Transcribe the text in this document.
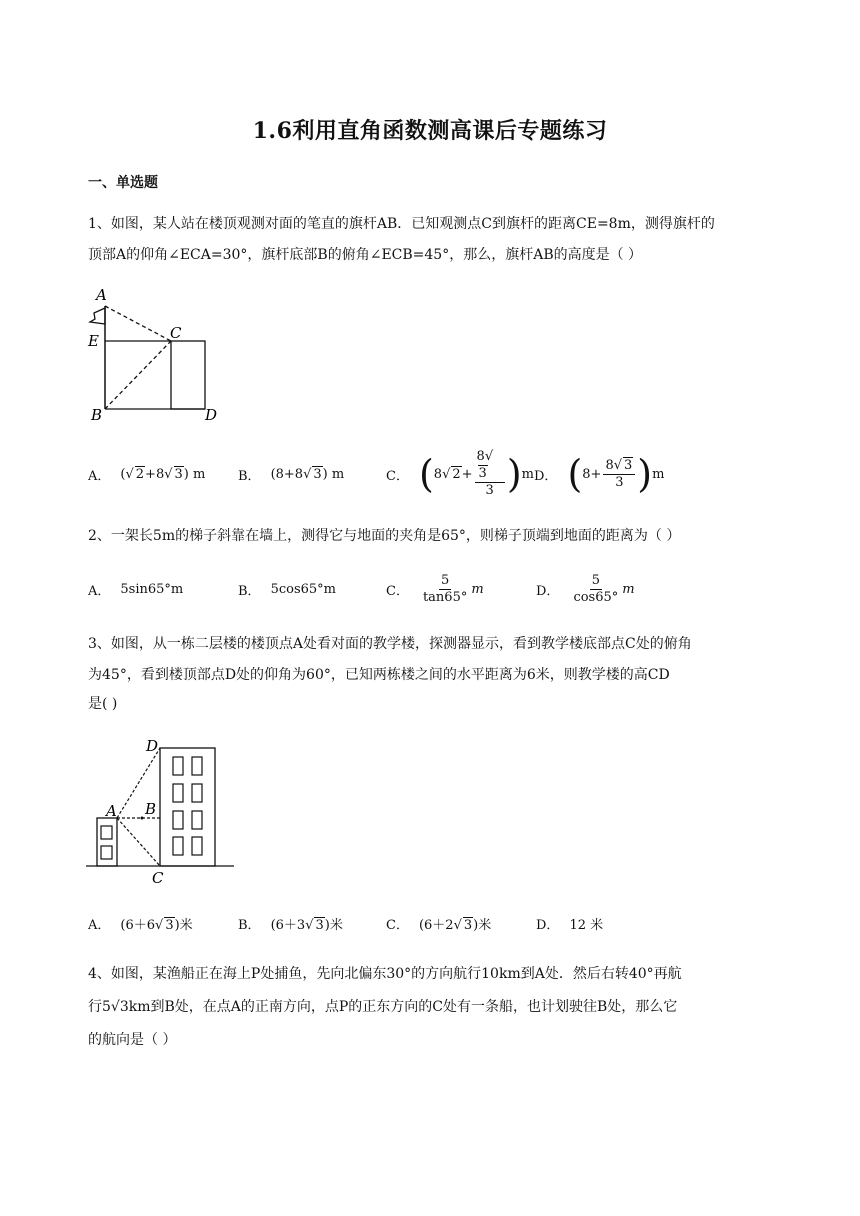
1.6利用直角函数测高课后专题练习
一、单选题
1、如图，某人站在楼顶观测对面的笔直的旗杆AB．已知观测点C到旗杆的距离CE=8m，测得旗杆的
顶部A的仰角∠ECA=30°，旗杆底部B的俯角∠ECB=45°，那么，旗杆AB的高度是（ ）
A
C
E
B	D
A． (√ 2+8√ 3) m	B． (8+8√ 3) m	C． ( 8 √ $2 + \frac{8√3}{3}$ ) m D． ( $8+ \frac{8√ 3}{3}$ ) m
2、一架长5m的梯子斜靠在墙上，测得它与地面的夹角是65°，则梯子顶端到地面的距离为（ ）
A． 5sin65°m	B． 5cos65°m	C． $\frac{5}{\tan 65^\circ}$ m	D． $\frac{5}{\cos 65^\circ}$ m
3、如图，从一栋二层楼的楼顶点A处看对面的教学楼，探测器显示，看到教学楼底部点C处的俯角
为45°，看到楼顶部点D处的仰角为60°，已知两栋楼之间的水平距离为6米，则教学楼的高CD
是( )
D
A B
C
A． (6＋6√ 3)米	B． (6＋3√ 3)米	C． (6＋2√ 3)米	D． 12 米
4、如图，某渔船正在海上P处捕鱼，先向北偏东30°的方向航行10km到A处．然后右转40°再航
行5√3km到B处，在点A的正南方向，点P的正东方向的C处有一条船，也计划驶往B处，那么它
的航向是（ ）
